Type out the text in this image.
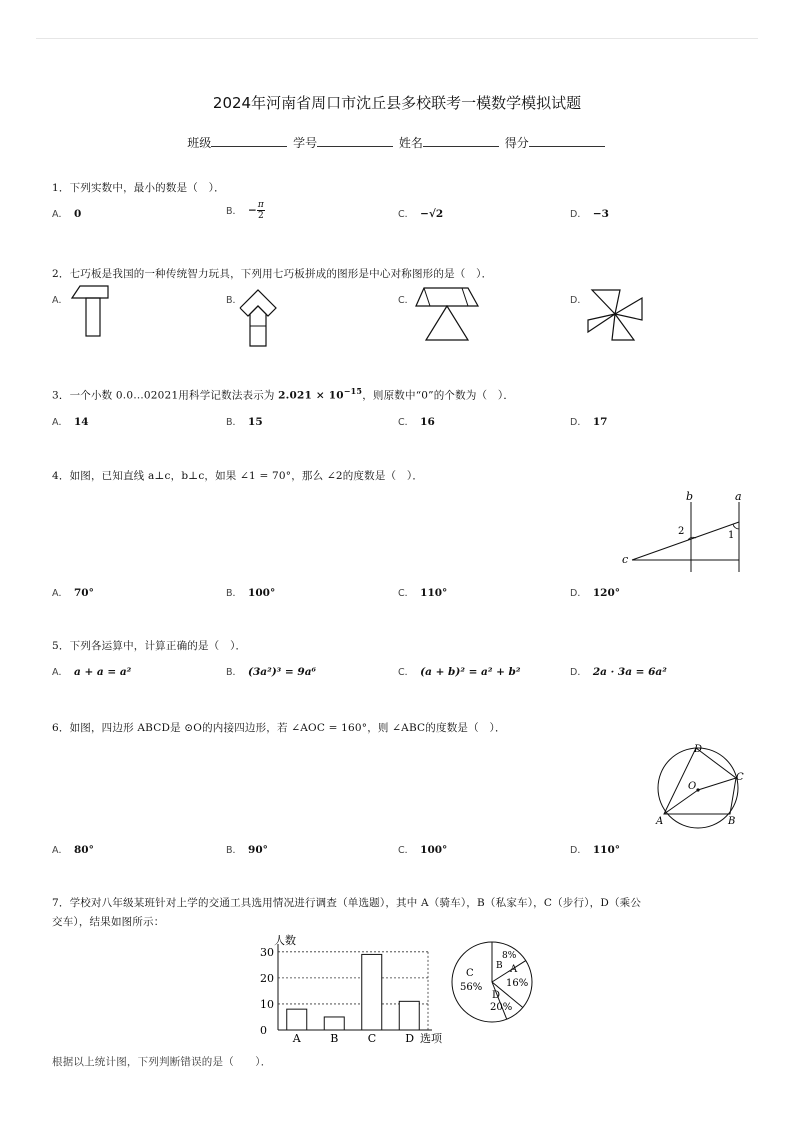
2024年河南省周口市沈丘县多校联考一模数学模拟试题
班级	学号	姓名	得分
1．下列实数中，最小的数是（　）．
A． 0	B． − $\frac{\pi}{2}$	C． −√2	D． −3
2．七巧板是我国的一种传统智力玩具，下列用七巧板拼成的图形是中心对称图形的是（　）．
A．	B．	C．	D．
3．一个小数 0.0…02021用科学记数法表示为 $2.021 \times 10^{-15}$，则原数中“0”的个数为（　）．
A． 14	B． 15	C． 16	D． 17
4．如图，已知直线 a⊥c，b⊥c，如果 ∠1 = 70°，那么 ∠2的度数是（　）．
b	a
c
1
2
A． 70°	B． 100°	C． 110°	D． 120°
5．下列各运算中，计算正确的是（　）．
A． a + a = a²	B． (3a²)³ = 9a⁶	C． (a + b)² = a² + b²	D． 2a · 3a = 6a²
6．如图，四边形 ABCD是 ⊙O的内接四边形，若 ∠AOC = 160°，则 ∠ABC的度数是（　）．
D
C
O
A	B
A． 80°	B． 90°	C． 100°	D． 110°
7．学校对八年级某班针对上学的交通工具选用情况进行调查（单选题），其中 A（骑车），B（私家车），C（步行），D（乘公
交车），结果如图所示：
人数
选项
0
10
20
30
A	B	C	D
C
56%
A
16%
D
20%
B
8%
根据以上统计图，下列判断错误的是（　　）．
